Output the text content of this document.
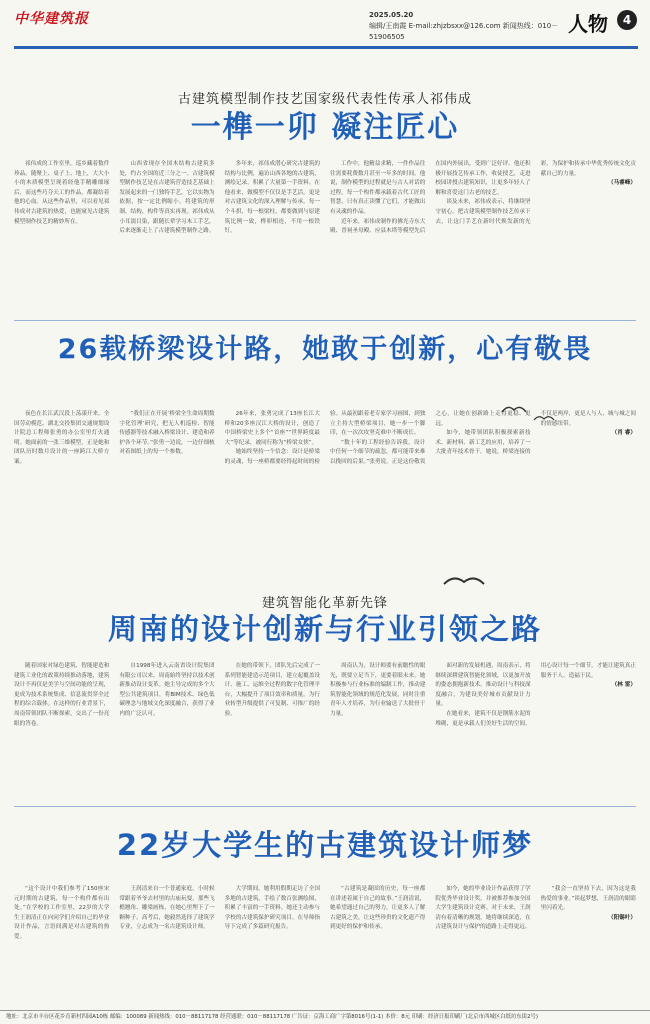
中华建筑报	2025.05.20
编辑/王南霞 E-mail:zhjzbsxx@126.com 新闻热线：010－51906505
人物	4
古建筑模型制作技艺国家级代表性传承人祁伟成
一榫一卯 凝注匠心

祁伟成的工作室里，巡乡藏着数件珍品。随聚上、桌子上、地上，大大小小的木质模型呈现着经他手精雕细琢后，而这些巧夺天工的作品，都凝结着他的心血。从这些作品里，可以看见祁伟成对古建筑的热爱，也能窥见古建筑模型制作技艺的精妙所在。

山西省现存全国木结构古建筑多处，约占全国的近三分之一。古建筑模型制作技艺是在古建筑营造技艺基础上发展起来的一门独特手艺，它以实物为依据，按一定比例缩小，将建筑的形制、结构、构件等真实再现。祁伟成从小耳濡目染，跟随长辈学习木工手艺，后来逐渐走上了古建筑模型制作之路。

多年来，祁伟成潜心研究古建筑的结构与比例，遍访山西各地的古建筑，测绘记录，积累了大量第一手资料。在他看来，做模型不仅仅是手艺活，更是对古建筑文化的深入理解与传承。每一个斗拱、每一根梁柱，都要做到与原建筑比例一致，榫卯相连，不用一根铁钉。

工作中，他精益求精，一件作品往往需要耗费数月甚至一年多的时间。他说，制作模型的过程就是与古人对话的过程，每一个构件都承载着古代工匠的智慧，只有真正读懂了它们，才能做出有灵魂的作品。

近年来，祁伟成制作的佛光寺东大殿、晋祠圣母殿、应县木塔等模型先后在国内外展出，受到广泛好评。他还积极开展技艺传承工作，收徒授艺，走进校园讲授古建筑知识，让更多年轻人了解和喜爱这门古老的技艺。

谈及未来，祁伟成表示，将继续坚守初心，把古建筑模型制作技艺传承下去，让这门手艺在新时代焕发新的光彩，为保护和传承中华优秀传统文化贡献自己的力量。

（马睿峰）

26载桥梁设计路，她敢于创新，心有敬畏

夜色在长江武汉段上荡漾开来，全国劳动模范、湖北交投集团交通规划设计院总工程师张勇的办公室里灯火通明。她面前的一张三维模型，正是她和团队历时数月设计的一座跨江大桥方案。

“我们正在开展‘桥梁全生命周期数字化管理’研究，把无人机巡检、智能传感器等技术融入桥梁设计、建造和养护各个环节。”张勇一边说，一边仔细核对着图纸上的每一个参数。

26年来，张勇完成了13座长江大桥和20多座汉江大桥的设计，创造了中国桥梁史上多个“首座”“世界跨度最大”等纪录，被同行称为“桥梁女侠”。

她始终坚持一个信念：设计是桥梁的灵魂，每一座桥都要经得起时间的检验。从最初跟着老专家学习画图，到独立主持大型桥梁项目，她一步一个脚印，在一次次攻坚克难中不断成长。

“数十年的工程经验告诉我，设计中任何一个细节的疏忽，都可能带来难以挽回的后果。”张勇说，正是这份敬畏之心，让她在创新路上走得更稳、更远。

如今，她带领团队积极探索新技术、新材料、新工艺的应用，培养了一大批青年技术骨干。她说，桥梁连接的不仅是两岸，更是人与人、城与城之间的情感纽带。

（肖 睿）

建筑智能化革新先锋
周南的设计创新与行业引领之路

随着国家对绿色建筑、智能建造和建筑工业化的政策持续推动落地，建筑设计不再仅是美学与空间功能的呈现，更成为技术系统集成、信息流贯穿全过程的综合载体。在这样的行业背景下，周南带领团队不断探索，交出了一份亮眼的答卷。

自1998年进入云南省设计院集团有限公司以来，周南始终坚持以技术创新推动设计变革。她主导完成的多个大型公共建筑项目，将BIM技术、绿色低碳理念与地域文化深度融合，获得了业内的广泛认可。

在她的带领下，团队先后完成了一系列智能建造示范项目，建立起覆盖设计、施工、运维全过程的数字化管理平台，大幅提升了项目效率和质量，为行业转型升级提供了可复制、可推广的经验。

周南认为，设计师要有前瞻性的眼光，既要立足当下，更要着眼未来。她积极参与行业标准的编制工作，推动建筑智能化领域的规范化发展，同时注重青年人才培养，为行业输送了大批骨干力量。

面对新的发展机遇，周南表示，将继续深耕建筑智能化领域，以更加开放的姿态拥抱新技术，推动设计与科技深度融合，为建设美好城市贡献设计力量。

在她看来，建筑不仅是钢筋水泥的堆砌，更是承载人们美好生活的空间。用心设计每一个细节，才能让建筑真正服务于人、造福于民。

（林 雷）

22岁大学生的古建筑设计师梦

“这个设计中我们参考了150座宋元时期的古建筑，每一个构件都有出处。”在学校的工作室里，22岁的大学生王润清正在向同学们介绍自己的毕业设计作品，言语间满是对古建筑的热爱。

王润清来自一个普通家庭，小时候常跟着爷爷去村里的古庙玩耍。那些飞檐翘角、雕梁画栋，在她心里埋下了一颗种子。高考后，她毅然选择了建筑学专业，立志成为一名古建筑设计师。

大学期间，她利用假期走访了全国多地的古建筑，手绘了数百张测绘图，积累了丰富的一手资料。她还主动参与学校的古建筑保护研究项目，在导师指导下完成了多篇研究报告。

“古建筑是凝固的历史，每一座都在讲述着属于自己的故事。”王润清说，她希望通过自己的努力，让更多人了解古建筑之美，让这些珍贵的文化遗产得到更好的保护和传承。

如今，她的毕业设计作品获得了学院优秀毕业设计奖，并被推荐参加全国大学生建筑设计竞赛。对于未来，王润清有着清晰的规划，她将继续深造，在古建筑设计与保护的道路上走得更远。

“我会一直坚持下去，因为这是我热爱的事业。”谈起梦想，王润清的眼睛里闪着光。

（阳锡叶）

地址：北京市丰台区花乡育新村四园A10栋 邮编：100089 新闻热线：010－88117178 经营通联：010－88117178 广告证：京海工商广字第8016号(1-1) 本价：8元 印刷：经济日报印刷厂(北京市西城区白纸坊东街2号)
